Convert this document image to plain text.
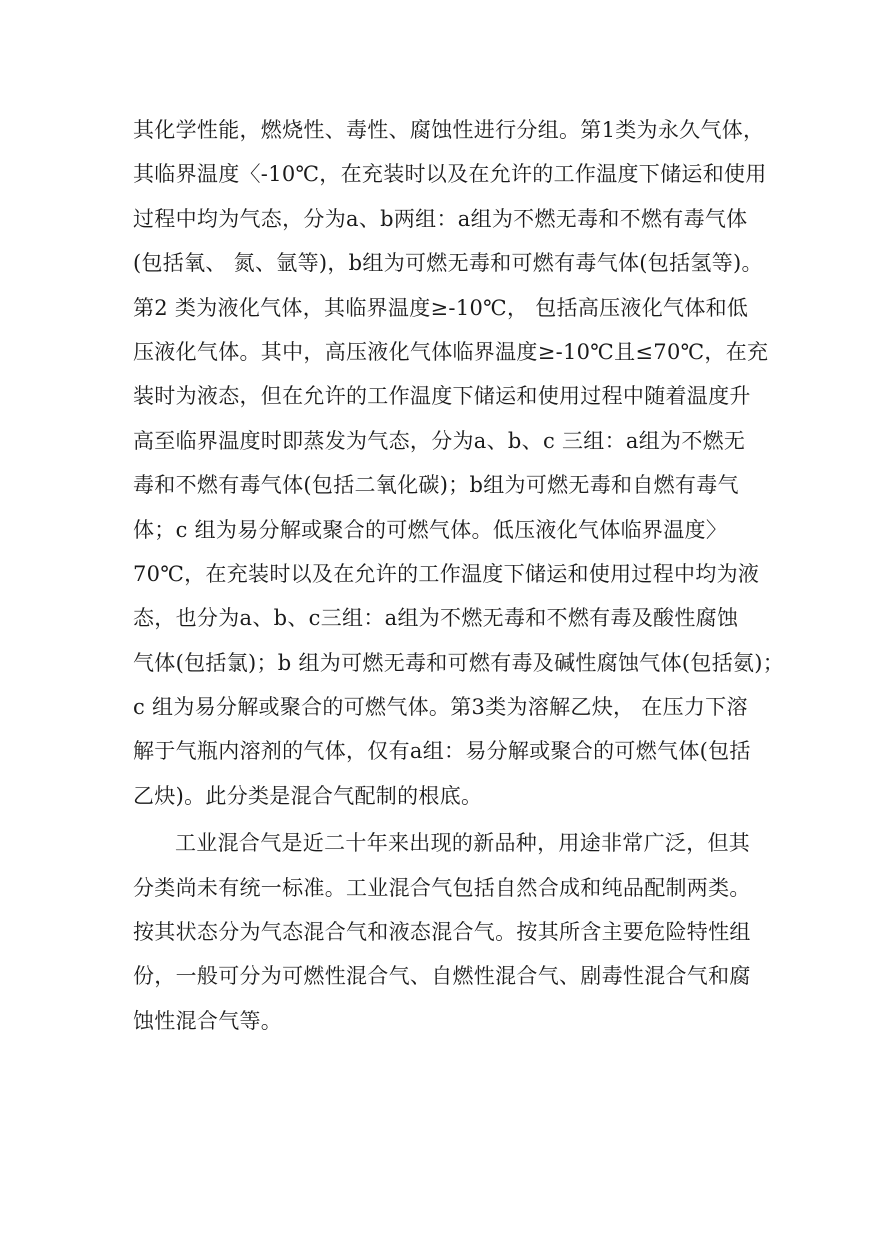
其化学性能，燃烧性、毒性、腐蚀性进行分组。第1类为永久气体，
其临界温度〈-10℃，在充装时以及在允许的工作温度下储运和使用
过程中均为气态，分为a、b两组：a组为不燃无毒和不燃有毒气体
(包括氧、 氮、氩等)，b组为可燃无毒和可燃有毒气体(包括氢等)。
第2 类为液化气体，其临界温度≥-10℃， 包括高压液化气体和低
压液化气体。其中，高压液化气体临界温度≥-10℃且≤70℃，在充
装时为液态，但在允许的工作温度下储运和使用过程中随着温度升
高至临界温度时即蒸发为气态，分为a、b、c 三组：a组为不燃无
毒和不燃有毒气体(包括二氧化碳)；b组为可燃无毒和自燃有毒气
体；c 组为易分解或聚合的可燃气体。低压液化气体临界温度〉
70℃，在充装时以及在允许的工作温度下储运和使用过程中均为液
态，也分为a、b、c三组：a组为不燃无毒和不燃有毒及酸性腐蚀
气体(包括氯)；b 组为可燃无毒和可燃有毒及碱性腐蚀气体(包括氨)；
c 组为易分解或聚合的可燃气体。第3类为溶解乙炔， 在压力下溶
解于气瓶内溶剂的气体，仅有a组：易分解或聚合的可燃气体(包括
乙炔)。此分类是混合气配制的根底。
工业混合气是近二十年来出现的新品种，用途非常广泛，但其
分类尚未有统一标准。工业混合气包括自然合成和纯品配制两类。
按其状态分为气态混合气和液态混合气。按其所含主要危险特性组
份，一般可分为可燃性混合气、自燃性混合气、剧毒性混合气和腐
蚀性混合气等。
